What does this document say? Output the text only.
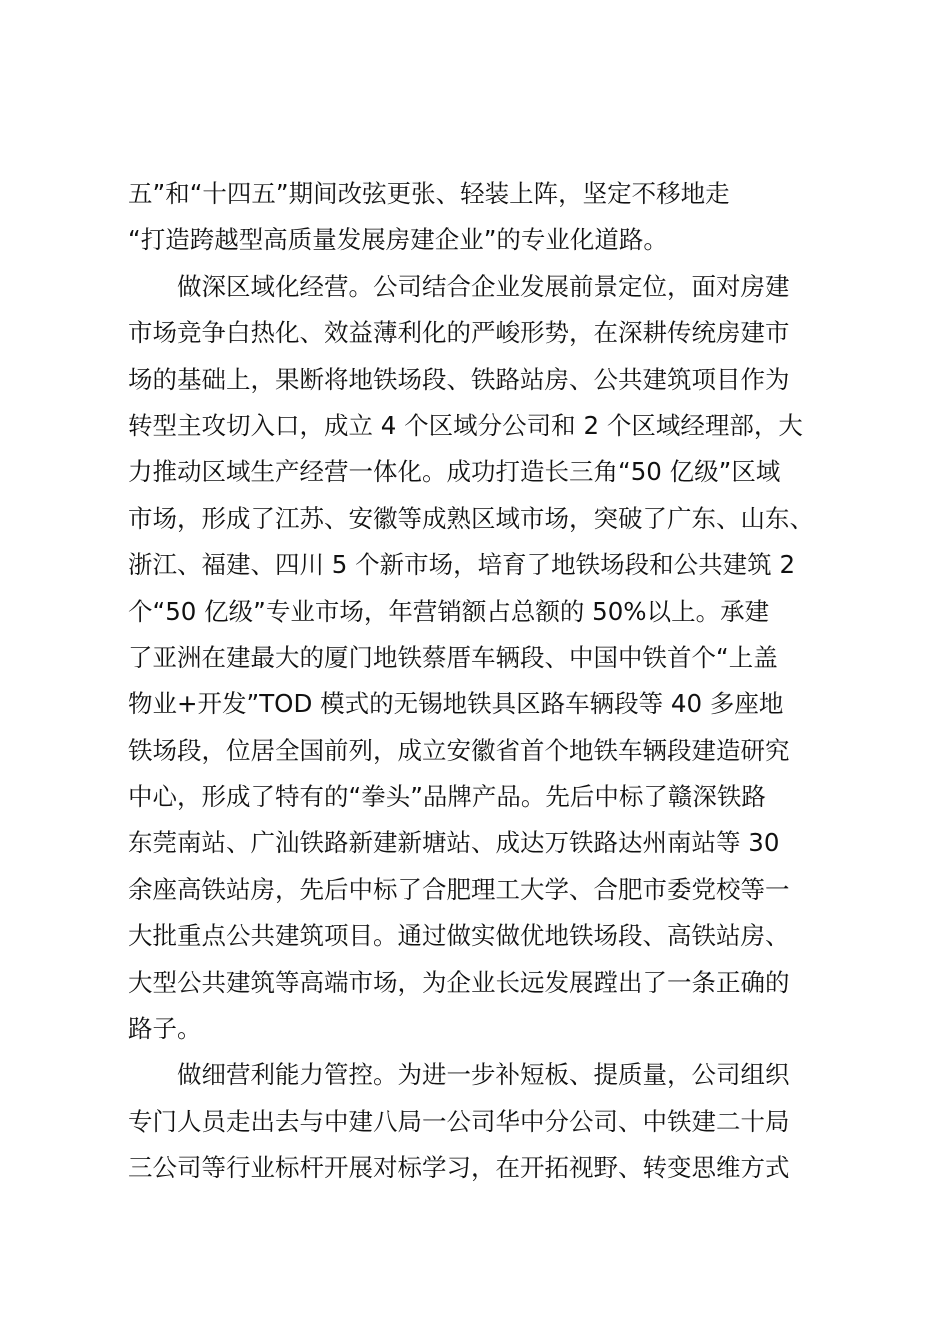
五”和“十四五”期间改弦更张、轻装上阵，坚定不移地走
“打造跨越型高质量发展房建企业”的专业化道路。
做深区域化经营。公司结合企业发展前景定位，面对房建
市场竞争白热化、效益薄利化的严峻形势，在深耕传统房建市
场的基础上，果断将地铁场段、铁路站房、公共建筑项目作为
转型主攻切入口，成立 4 个区域分公司和 2 个区域经理部，大
力推动区域生产经营一体化。成功打造长三角“50 亿级”区域
市场，形成了江苏、安徽等成熟区域市场，突破了广东、山东、
浙江、福建、四川 5 个新市场，培育了地铁场段和公共建筑 2
个“50 亿级”专业市场，年营销额占总额的 50%以上。承建
了亚洲在建最大的厦门地铁蔡厝车辆段、中国中铁首个“上盖
物业+开发”TOD 模式的无锡地铁具区路车辆段等 40 多座地
铁场段，位居全国前列，成立安徽省首个地铁车辆段建造研究
中心，形成了特有的“拳头”品牌产品。先后中标了赣深铁路
东莞南站、广汕铁路新建新塘站、成达万铁路达州南站等 30
余座高铁站房，先后中标了合肥理工大学、合肥市委党校等一
大批重点公共建筑项目。通过做实做优地铁场段、高铁站房、
大型公共建筑等高端市场，为企业长远发展蹚出了一条正确的
路子。
做细营利能力管控。为进一步补短板、提质量，公司组织
专门人员走出去与中建八局一公司华中分公司、中铁建二十局
三公司等行业标杆开展对标学习，在开拓视野、转变思维方式
